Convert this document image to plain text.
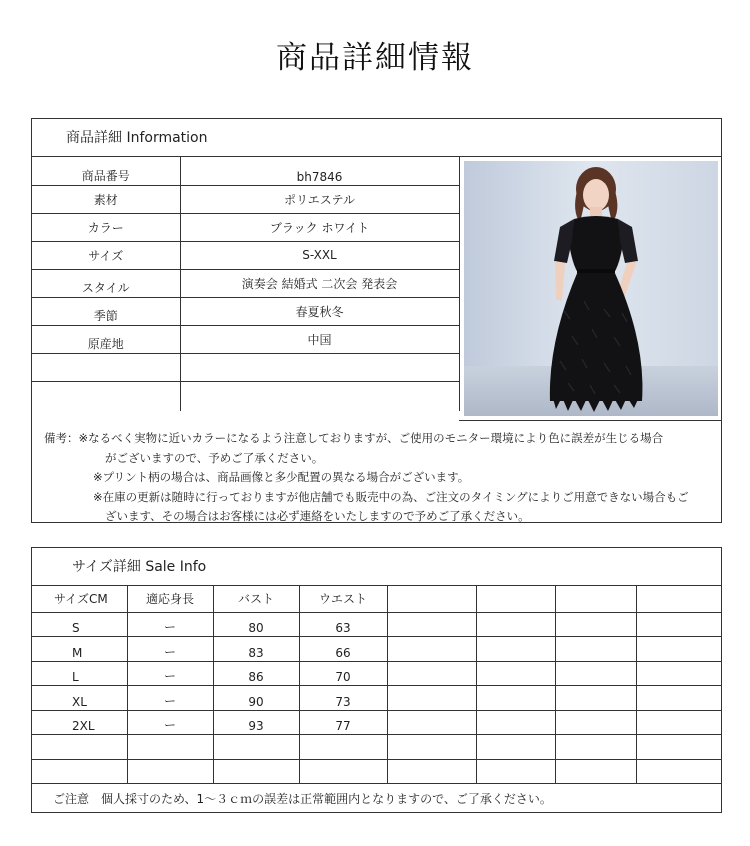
商品詳細情報
商品詳細 Information
商品番号	bh7846
素材	ポリエステル
カラー	ブラック ホワイト
サイズ	S-XXL
スタイル	演奏会 結婚式 二次会 発表会
季節	春夏秋冬
原産地	中国

備考：※なるべく実物に近いカラーになるよう注意しておりますが、ご使用のモニター環境により色に誤差が生じる場合
がございますので、予めご了承ください。
※プリント柄の場合は、商品画像と多少配置の異なる場合がございます。
※在庫の更新は随時に行っておりますが他店舗でも販売中の為、ご注文のタイミングによりご用意できない場合もご
ざいます、その場合はお客様には必ず連絡をいたしますので予めご了承ください。
サイズ詳細 Sale Info
サイズCM	適応身長	バスト	ウエスト				
S	ー	80	63				
M	ー	83	66				
L	ー	86	70				
XL	ー	90	73				
2XL	ー	93	77				

ご注意　個人採寸のため、1～３ｃｍの誤差は正常範囲内となりますので、ご了承ください。
